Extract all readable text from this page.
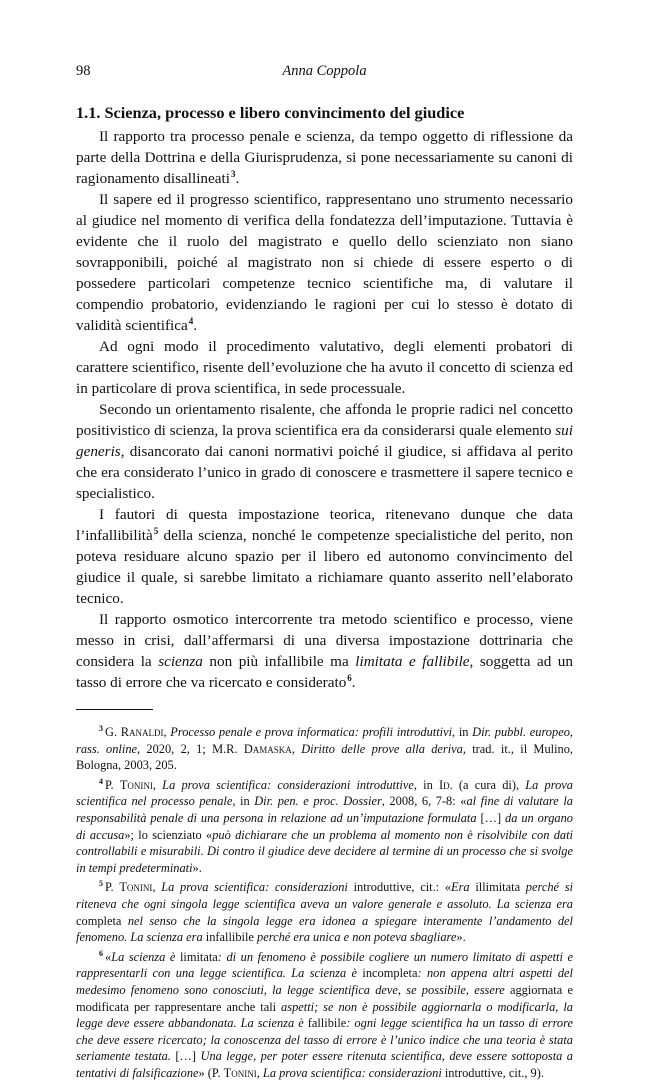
98	Anna Coppola
1.1. Scienza, processo e libero convincimento del giudice

Il rapporto tra processo penale e scienza, da tempo oggetto di riflessione da parte della Dottrina e della Giurisprudenza, si pone necessariamente su canoni di ragionamento disallineati$^3$.

Il sapere ed il progresso scientifico, rappresentano uno strumento necessario al giudice nel momento di verifica della fondatezza dell’imputazione. Tuttavia è evidente che il ruolo del magistrato e quello dello scienziato non siano sovrapponibili, poiché al magistrato non si chiede di essere esperto o di possedere particolari competenze tecnico scientifiche ma, di valutare il compendio probatorio, evidenziando le ragioni per cui lo stesso è dotato di validità scientifica$^4$.

Ad ogni modo il procedimento valutativo, degli elementi probatori di carattere scientifico, risente dell’evoluzione che ha avuto il concetto di scienza ed in particolare di prova scientifica, in sede processuale.

Secondo un orientamento risalente, che affonda le proprie radici nel concetto positivistico di scienza, la prova scientifica era da considerarsi quale elemento sui generis, disancorato dai canoni normativi poiché il giudice, si affidava al perito che era considerato l’unico in grado di conoscere e trasmettere il sapere tecnico e specialistico.

I fautori di questa impostazione teorica, ritenevano dunque che data l’infallibilità$^5$ della scienza, nonché le competenze specialistiche del perito, non poteva residuare alcuno spazio per il libero ed autonomo convincimento del giudice il quale, si sarebbe limitato a richiamare quanto asserito nell’elaborato tecnico.

Il rapporto osmotico intercorrente tra metodo scientifico e processo, viene messo in crisi, dall’affermarsi di una diversa impostazione dottrinaria che considera la scienza non più infallibile ma limitata e fallibile, soggetta ad un tasso di errore che va ricercato e considerato$^6$.

$^3$ G. Ranaldi, Processo penale e prova informatica: profili introduttivi, in Dir. pubbl. europeo, rass. online, 2020, 2, 1; M.R. Damaska, Diritto delle prove alla deriva, trad. it., il Mulino, Bologna, 2003, 205.

$^4$ P. Tonini, La prova scientifica: considerazioni introduttive, in Id. (a cura di), La prova scientifica nel processo penale, in Dir. pen. e proc. Dossier, 2008, 6, 7-8: «al fine di valutare la responsabilità penale di una persona in relazione ad un’imputazione formulata […] da un organo di accusa»; lo scienziato «può dichiarare che un problema al momento non è risolvibile con dati controllabili e misurabili. Di contro il giudice deve decidere al termine di un processo che si svolge in tempi predeterminati».

$^5$ P. Tonini, La prova scientifica: considerazioni introduttive, cit.: «Era illimitata perché si riteneva che ogni singola legge scientifica aveva un valore generale e assoluto. La scienza era completa nel senso che la singola legge era idonea a spiegare interamente l’andamento del fenomeno. La scienza era infallibile perché era unica e non poteva sbagliare».

$^6$ «La scienza è limitata: di un fenomeno è possibile cogliere un numero limitato di aspetti e rappresentarli con una legge scientifica. La scienza è incompleta: non appena altri aspetti del medesimo fenomeno sono conosciuti, la legge scientifica deve, se possibile, essere aggiornata e modificata per rappresentare anche tali aspetti; se non è possibile aggiornarla o modificarla, la legge deve essere abbandonata. La scienza è fallibile: ogni legge scientifica ha un tasso di errore che deve essere ricercato; la conoscenza del tasso di errore è l’unico indice che una teoria è stata seriamente testata. […] Una legge, per poter essere ritenuta scientifica, deve essere sottoposta a tentativi di falsificazione» (P. Tonini, La prova scientifica: considerazioni introduttive, cit., 9).
